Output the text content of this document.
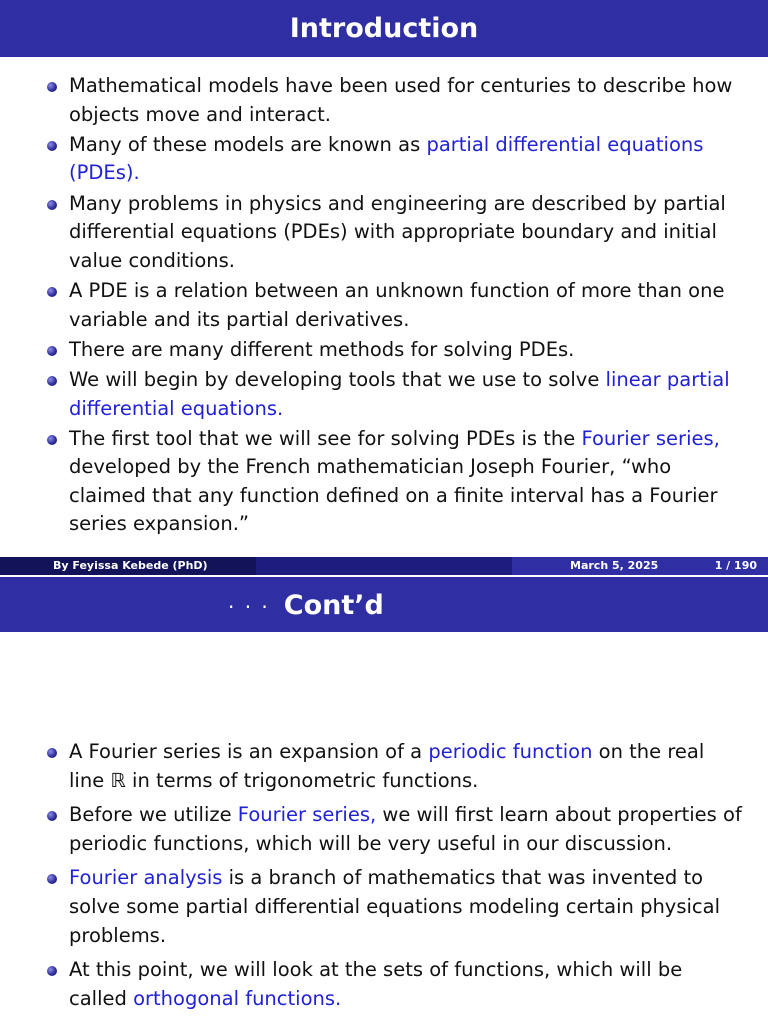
Introduction
Mathematical models have been used for centuries to describe how objects move and interact.
Many of these models are known as partial differential equations (PDEs).
Many problems in physics and engineering are described by partial differential equations (PDEs) with appropriate boundary and initial value conditions.
A PDE is a relation between an unknown function of more than one variable and its partial derivatives.
There are many different methods for solving PDEs.
We will begin by developing tools that we use to solve linear partial differential equations.
The first tool that we will see for solving PDEs is the Fourier series, developed by the French mathematician Joseph Fourier, “who claimed that any function defined on a finite interval has a Fourier series expansion.”
By Feyissa Kebede (PhD)	March 5, 2025	1 / 190
· · · Cont’d
A Fourier series is an expansion of a periodic function on the real line ℝ in terms of trigonometric functions.
Before we utilize Fourier series, we will first learn about properties of periodic functions, which will be very useful in our discussion.
Fourier analysis is a branch of mathematics that was invented to solve some partial differential equations modeling certain physical problems.
At this point, we will look at the sets of functions, which will be called orthogonal functions.
